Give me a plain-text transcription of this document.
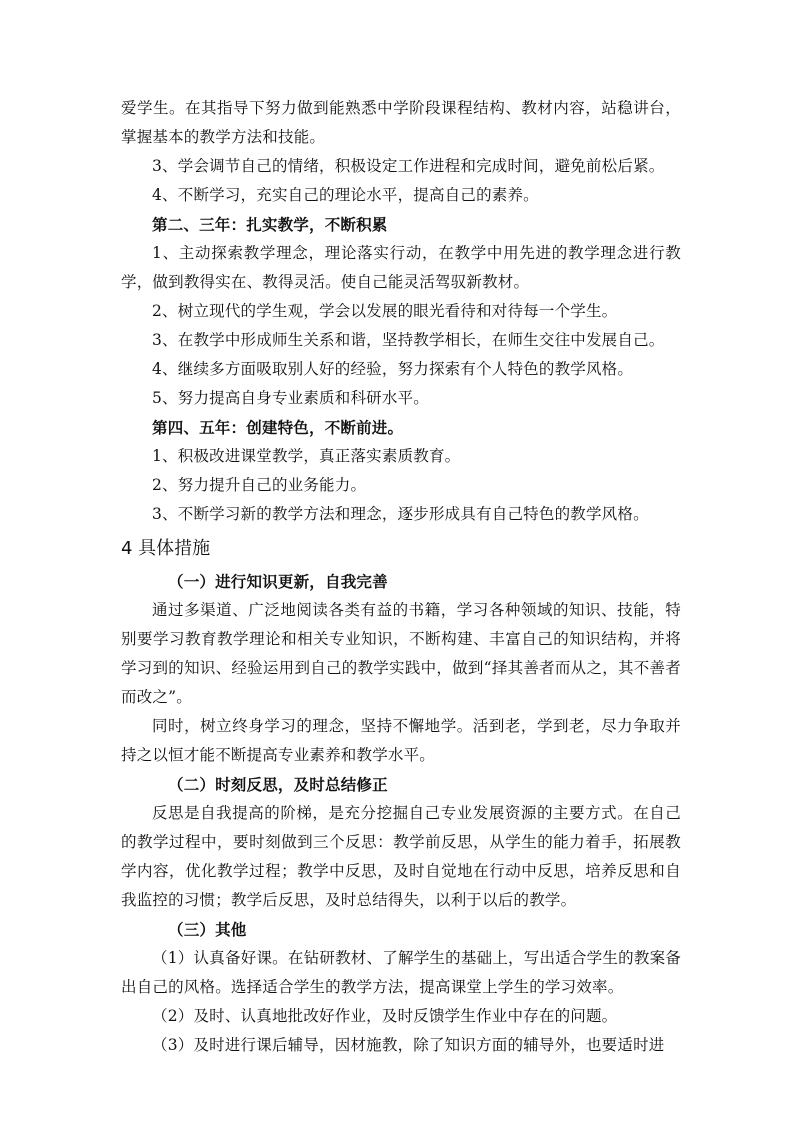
爱学生。在其指导下努力做到能熟悉中学阶段课程结构、教材内容，站稳讲台，掌握基本的教学方法和技能。

3、学会调节自己的情绪，积极设定工作进程和完成时间，避免前松后紧。

4、不断学习，充实自己的理论水平，提高自己的素养。

第二、三年：扎实教学，不断积累

1、主动探索教学理念，理论落实行动，在教学中用先进的教学理念进行教学，做到教得实在、教得灵活。使自己能灵活驾驭新教材。

2、树立现代的学生观，学会以发展的眼光看待和对待每一个学生。

3、在教学中形成师生关系和谐，坚持教学相长，在师生交往中发展自己。

4、继续多方面吸取别人好的经验，努力探索有个人特色的教学风格。

5、努力提高自身专业素质和科研水平。

第四、五年：创建特色，不断前进。

1、积极改进课堂教学，真正落实素质教育。

2、努力提升自己的业务能力。

3、不断学习新的教学方法和理念，逐步形成具有自己特色的教学风格。

4 具体措施

（一）进行知识更新，自我完善

通过多渠道、广泛地阅读各类有益的书籍，学习各种领域的知识、技能，特别要学习教育教学理论和相关专业知识，不断构建、丰富自己的知识结构，并将学习到的知识、经验运用到自己的教学实践中，做到“择其善者而从之，其不善者而改之”。

同时，树立终身学习的理念，坚持不懈地学。活到老，学到老，尽力争取并持之以恒才能不断提高专业素养和教学水平。

（二）时刻反思，及时总结修正

反思是自我提高的阶梯，是充分挖掘自己专业发展资源的主要方式。在自己的教学过程中，要时刻做到三个反思：教学前反思，从学生的能力着手，拓展教学内容，优化教学过程；教学中反思，及时自觉地在行动中反思，培养反思和自我监控的习惯；教学后反思，及时总结得失，以利于以后的教学。

（三）其他

（1）认真备好课。在钻研教材、了解学生的基础上，写出适合学生的教案备出自己的风格。选择适合学生的教学方法，提高课堂上学生的学习效率。

（2）及时、认真地批改好作业，及时反馈学生作业中存在的问题。

（3）及时进行课后辅导，因材施教，除了知识方面的辅导外，也要适时进
